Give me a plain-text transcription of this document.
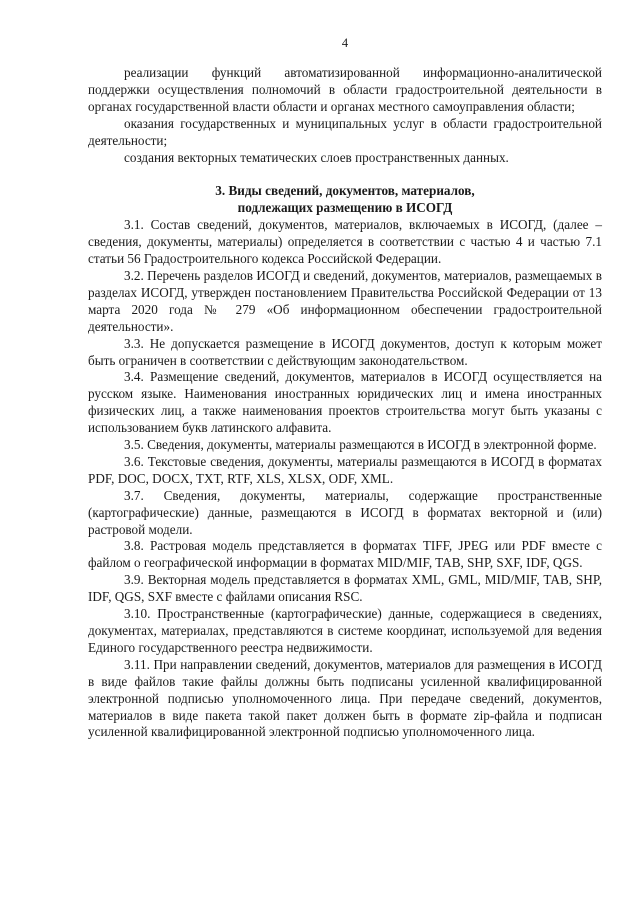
4

реализации функций автоматизированной информационно-аналитической поддержки осуществления полномочий в области градостроительной деятельности в органах государственной власти области и органах местного самоуправления области;

оказания государственных и муниципальных услуг в области градостроительной деятельности;

создания векторных тематических слоев пространственных данных.

3. Виды сведений, документов, материалов,
подлежащих размещению в ИСОГД

3.1. Состав сведений, документов, материалов, включаемых в ИСОГД, (далее – сведения, документы, материалы) определяется в соответствии с частью 4 и частью 7.1 статьи 56 Градостроительного кодекса Российской Федерации.

3.2. Перечень разделов ИСОГД и сведений, документов, материалов, размещаемых в разделах ИСОГД, утвержден постановлением Правительства Российской Федерации от 13 марта 2020 года № 279 «Об информационном обеспечении градостроительной деятельности».

3.3. Не допускается размещение в ИСОГД документов, доступ к которым может быть ограничен в соответствии с действующим законодательством.

3.4. Размещение сведений, документов, материалов в ИСОГД осуществляется на русском языке. Наименования иностранных юридических лиц и имена иностранных физических лиц, а также наименования проектов строительства могут быть указаны с использованием букв латинского алфавита.

3.5. Сведения, документы, материалы размещаются в ИСОГД в электронной форме.

3.6. Текстовые сведения, документы, материалы размещаются в ИСОГД в форматах PDF, DOC, DOCX, TXT, RTF, XLS, XLSX, ODF, XML.

3.7. Сведения, документы, материалы, содержащие пространственные (картографические) данные, размещаются в ИСОГД в форматах векторной и (или) растровой модели.

3.8. Растровая модель представляется в форматах TIFF, JPEG или PDF вместе с файлом о географической информации в форматах MID/MIF, TAB, SHP, SXF, IDF, QGS.

3.9. Векторная модель представляется в форматах XML, GML, MID/MIF, TAB, SHP, IDF, QGS, SXF вместе с файлами описания RSC.

3.10. Пространственные (картографические) данные, содержащиеся в сведениях, документах, материалах, представляются в системе координат, используемой для ведения Единого государственного реестра недвижимости.

3.11. При направлении сведений, документов, материалов для размещения в ИСОГД в виде файлов такие файлы должны быть подписаны усиленной квалифицированной электронной подписью уполномоченного лица. При передаче сведений, документов, материалов в виде пакета такой пакет должен быть в формате zip-файла и подписан усиленной квалифицированной электронной подписью уполномоченного лица.
